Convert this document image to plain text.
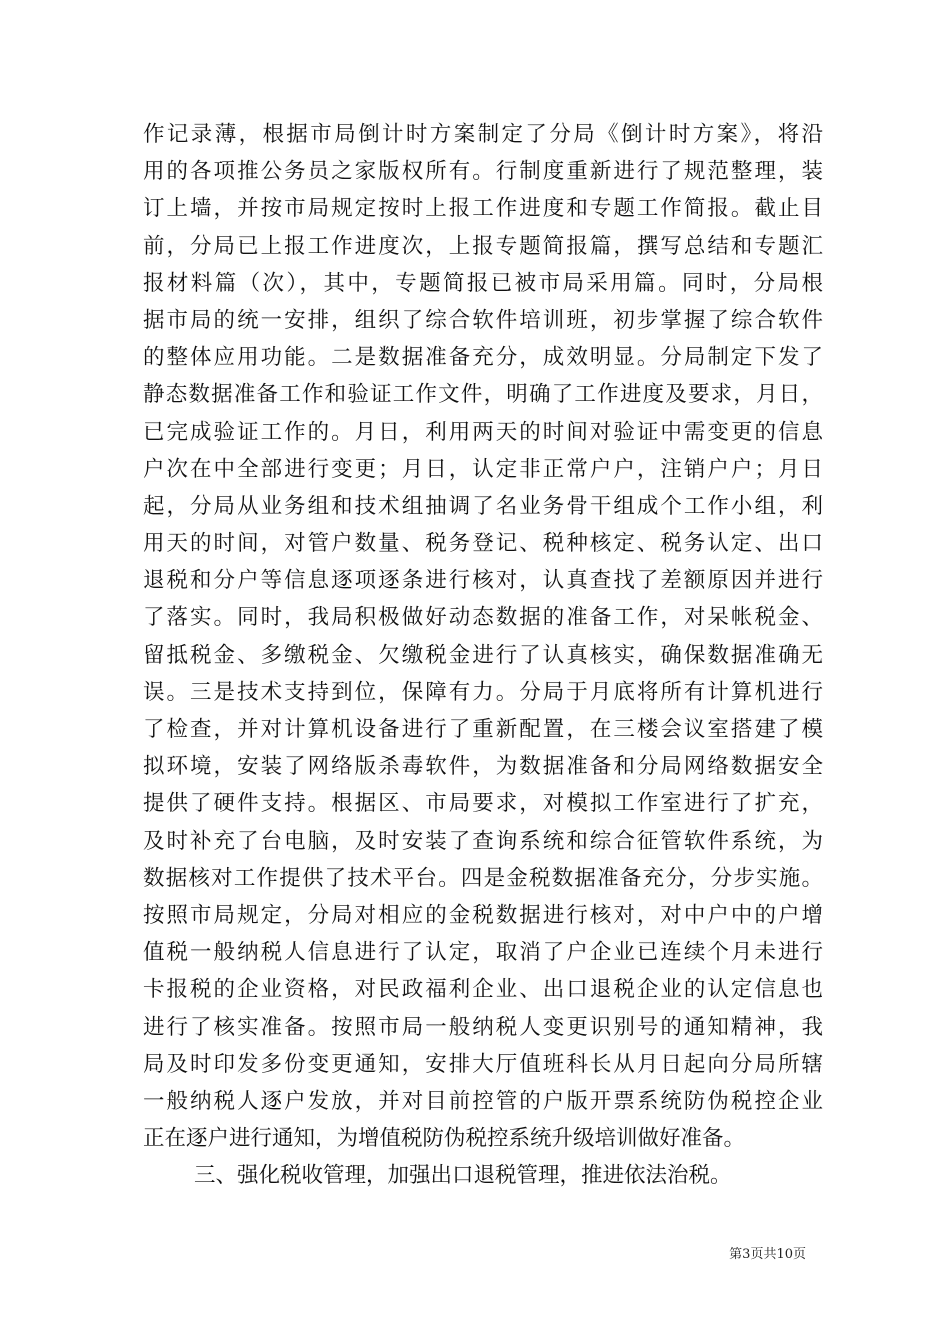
作记录薄，根据市局倒计时方案制定了分局《倒计时方案》，将沿
用的各项推公务员之家版权所有。行制度重新进行了规范整理，装
订上墙，并按市局规定按时上报工作进度和专题工作简报。截止目
前，分局已上报工作进度次，上报专题简报篇，撰写总结和专题汇
报材料篇（次），其中，专题简报已被市局采用篇。同时，分局根
据市局的统一安排，组织了综合软件培训班，初步掌握了综合软件
的整体应用功能。二是数据准备充分，成效明显。分局制定下发了
静态数据准备工作和验证工作文件，明确了工作进度及要求，月日，
已完成验证工作的。月日，利用两天的时间对验证中需变更的信息
户次在中全部进行变更；月日，认定非正常户户，注销户户；月日
起，分局从业务组和技术组抽调了名业务骨干组成个工作小组，利
用天的时间，对管户数量、税务登记、税种核定、税务认定、出口
退税和分户等信息逐项逐条进行核对，认真查找了差额原因并进行
了落实。同时，我局积极做好动态数据的准备工作，对呆帐税金、
留抵税金、多缴税金、欠缴税金进行了认真核实，确保数据准确无
误。三是技术支持到位，保障有力。分局于月底将所有计算机进行
了检查，并对计算机设备进行了重新配置，在三楼会议室搭建了模
拟环境，安装了网络版杀毒软件，为数据准备和分局网络数据安全
提供了硬件支持。根据区、市局要求，对模拟工作室进行了扩充，
及时补充了台电脑，及时安装了查询系统和综合征管软件系统，为
数据核对工作提供了技术平台。四是金税数据准备充分，分步实施。
按照市局规定，分局对相应的金税数据进行核对，对中户中的户增
值税一般纳税人信息进行了认定，取消了户企业已连续个月未进行
卡报税的企业资格，对民政福利企业、出口退税企业的认定信息也
进行了核实准备。按照市局一般纳税人变更识别号的通知精神，我
局及时印发多份变更通知，安排大厅值班科长从月日起向分局所辖
一般纳税人逐户发放，并对目前控管的户版开票系统防伪税控企业
正在逐户进行通知，为增值税防伪税控系统升级培训做好准备。
三、强化税收管理，加强出口退税管理，推进依法治税。
第3页共10页
